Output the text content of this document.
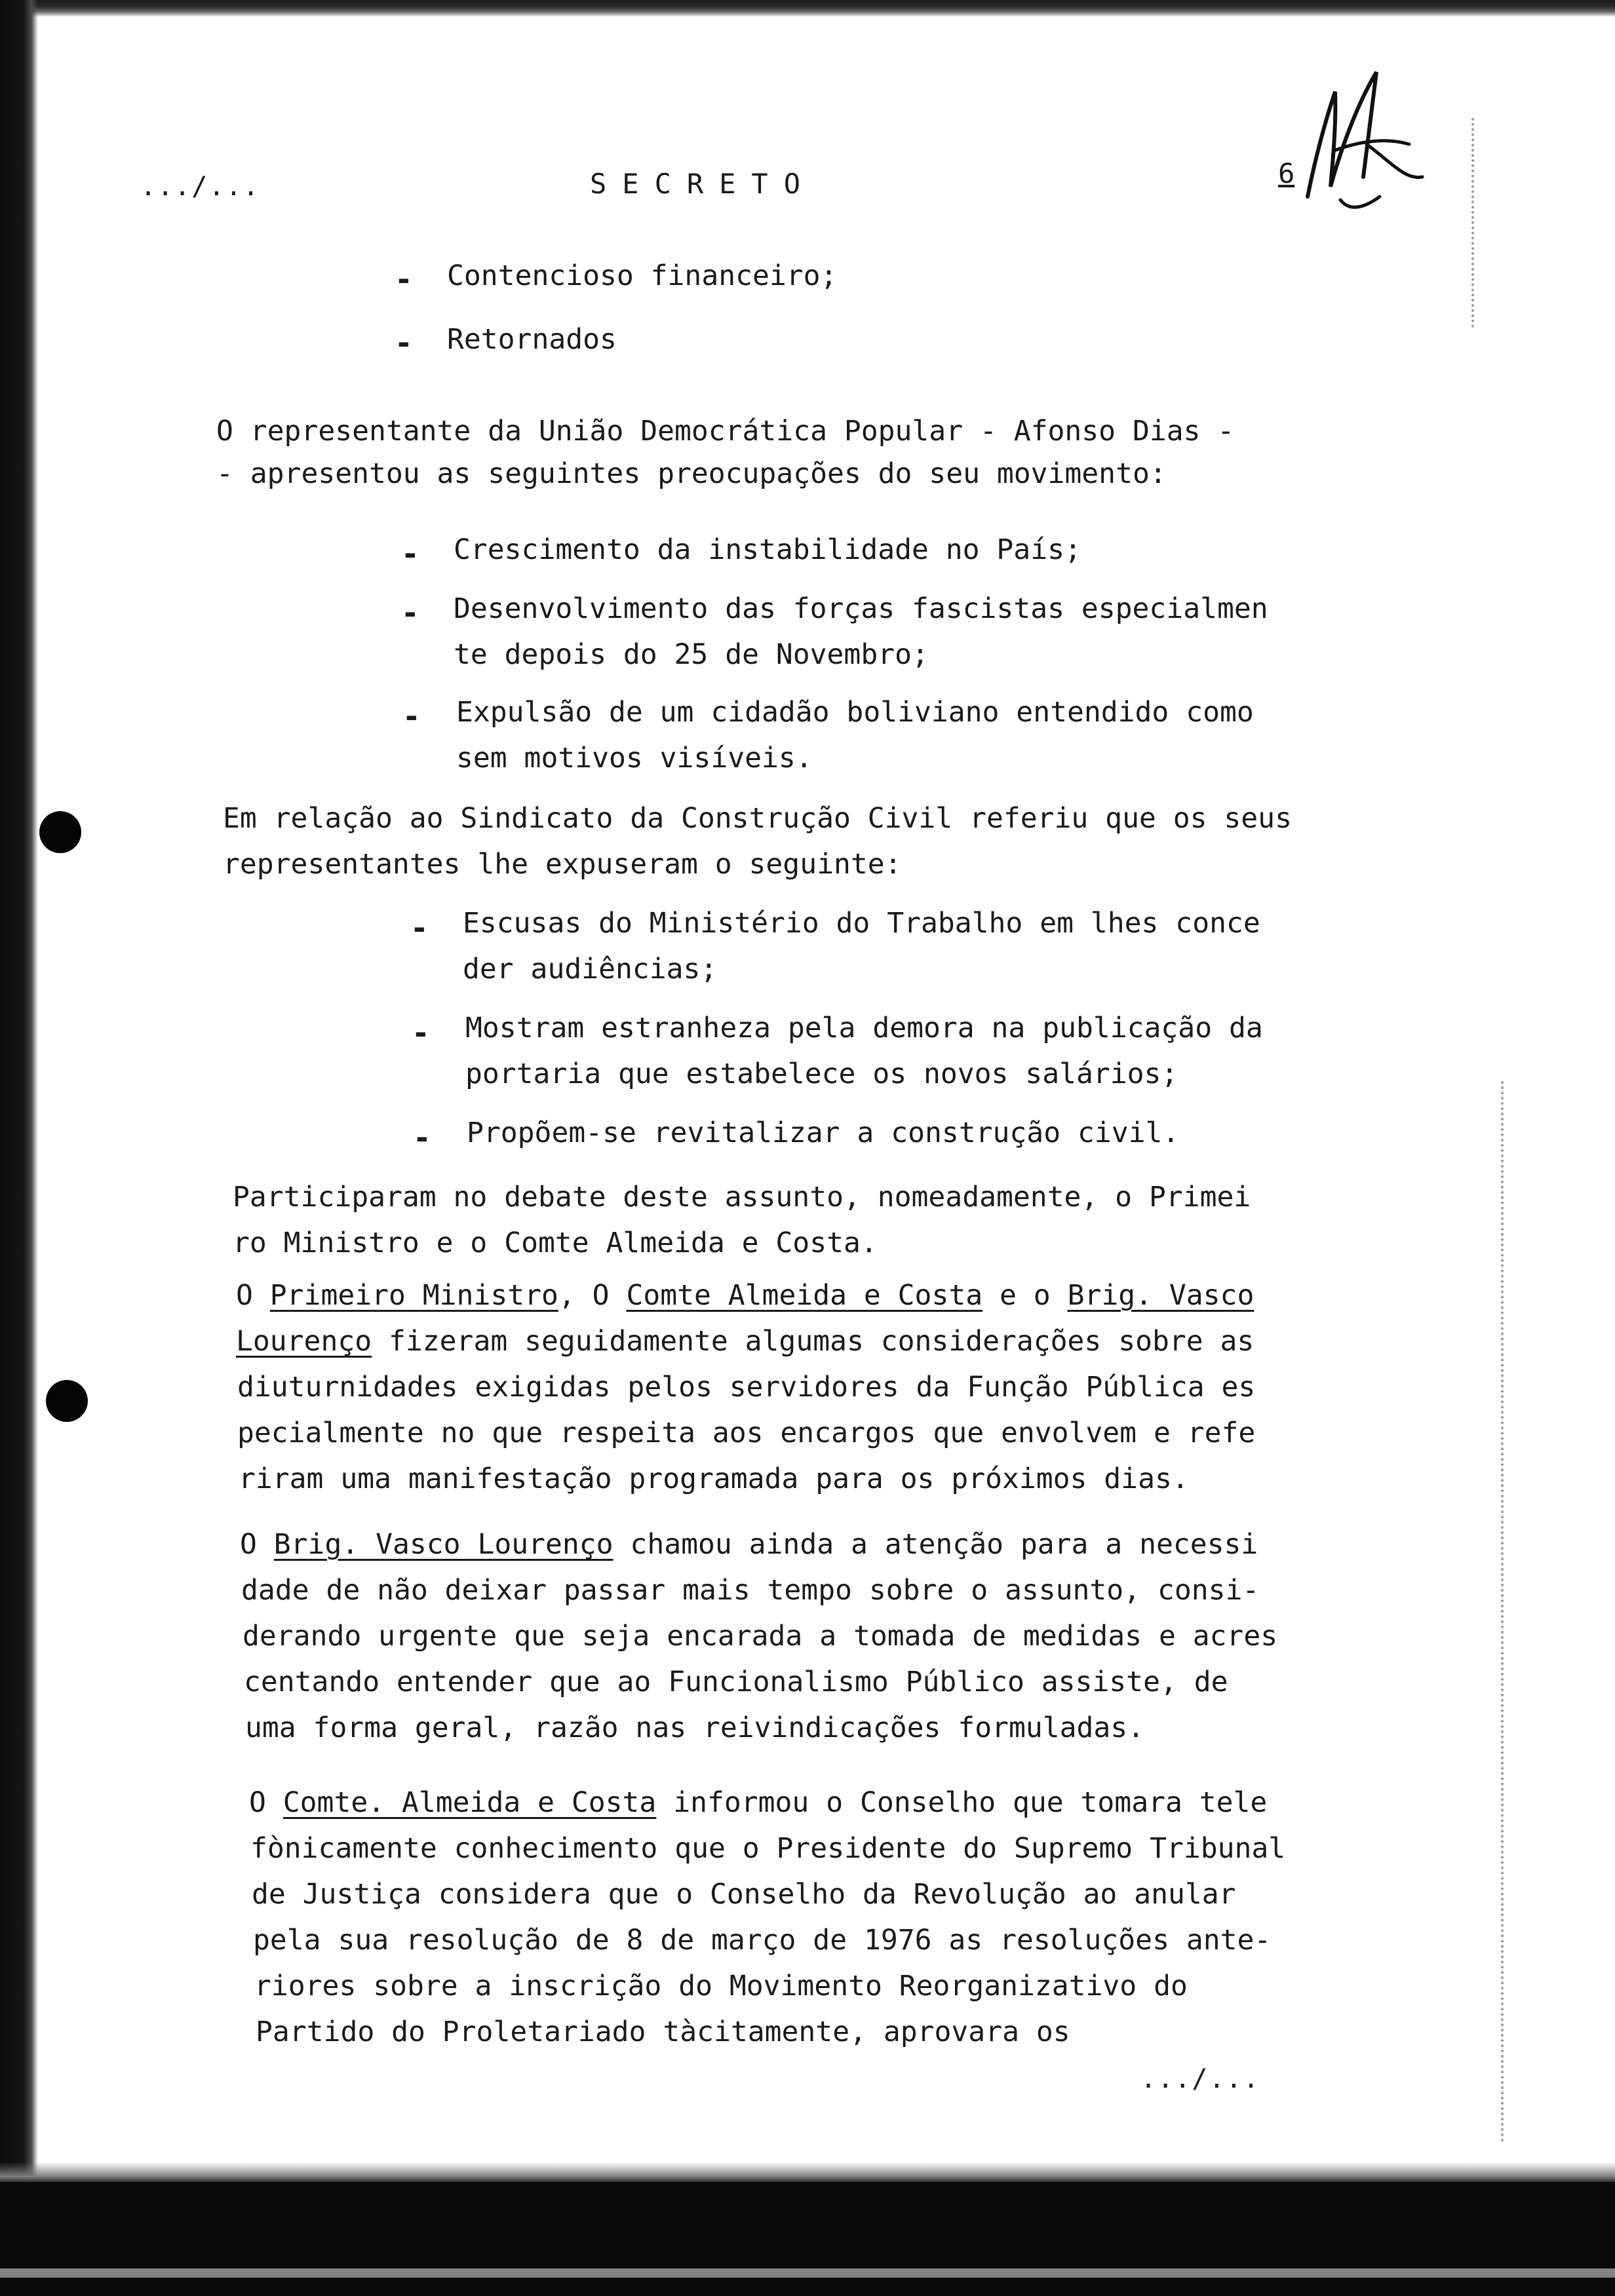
.../...	SECRETO	6
- Contencioso financeiro;
- Retornados
O representante da União Democrática Popular - Afonso Dias -
- apresentou as seguintes preocupações do seu movimento:
- Crescimento da instabilidade no País;
- Desenvolvimento das forças fascistas especialmen
te depois do 25 de Novembro;
- Expulsão de um cidadão boliviano entendido como
sem motivos visíveis.
Em relação ao Sindicato da Construção Civil referiu que os seus
representantes lhe expuseram o seguinte:
- Escusas do Ministério do Trabalho em lhes conce
der audiências;
- Mostram estranheza pela demora na publicação da
portaria que estabelece os novos salários;
- Propõem-se revitalizar a construção civil.
Participaram no debate deste assunto, nomeadamente, o Primei
ro Ministro e o Comte Almeida e Costa.
O Primeiro Ministro, O Comte Almeida e Costa e o Brig. Vasco
Lourenço fizeram seguidamente algumas considerações sobre as
diuturnidades exigidas pelos servidores da Função Pública es
pecialmente no que respeita aos encargos que envolvem e refe
riram uma manifestação programada para os próximos dias.
O Brig. Vasco Lourenço chamou ainda a atenção para a necessi
dade de não deixar passar mais tempo sobre o assunto, consi-
derando urgente que seja encarada a tomada de medidas e acres
centando entender que ao Funcionalismo Público assiste, de
uma forma geral, razão nas reivindicações formuladas.
O Comte. Almeida e Costa informou o Conselho que tomara tele
fònicamente conhecimento que o Presidente do Supremo Tribunal
de Justiça considera que o Conselho da Revolução ao anular
pela sua resolução de 8 de março de 1976 as resoluções ante-
riores sobre a inscrição do Movimento Reorganizativo do
Partido do Proletariado tàcitamente, aprovara os
.../...
